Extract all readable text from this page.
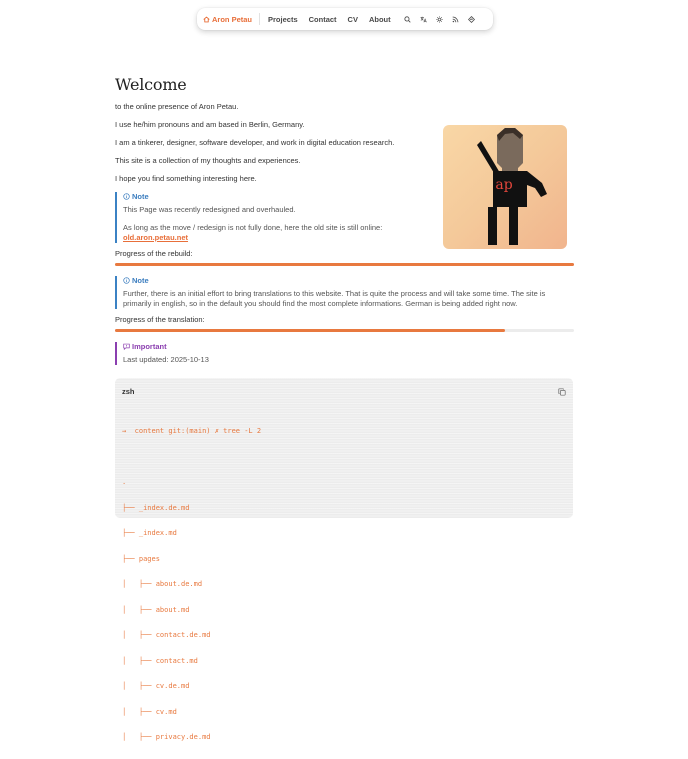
Aron Petau Projects Contact CV About
Welcome

to the online presence of Aron Petau.

I use he/him pronouns and am based in Berlin, Germany.

I am a tinkerer, designer, software developer, and work in digital education research.

This site is a collection of my thoughts and experiences.

I hope you find something interesting here.

Note

This Page was recently redesigned and overhauled.

As long as the move / redesign is not fully done, here the old site is still online:
old.aron.petau.net

Progress of the rebuild:
Note

Further, there is an initial effort to bring translations to this website. That is quite the process and will take some time. The site is primarily in english, so in the default you should find the most complete informations. German is being added right now.

Progress of the translation:
Important

Last updated: 2025-10-13

ap
zsh

→  content git:(main) ✗ tree -L 2

.

├── _index.de.md

├── _index.md

├── pages

│   ├── about.de.md

│   ├── about.md

│   ├── contact.de.md

│   ├── contact.md

│   ├── cv.de.md

│   ├── cv.md

│   ├── privacy.de.md
